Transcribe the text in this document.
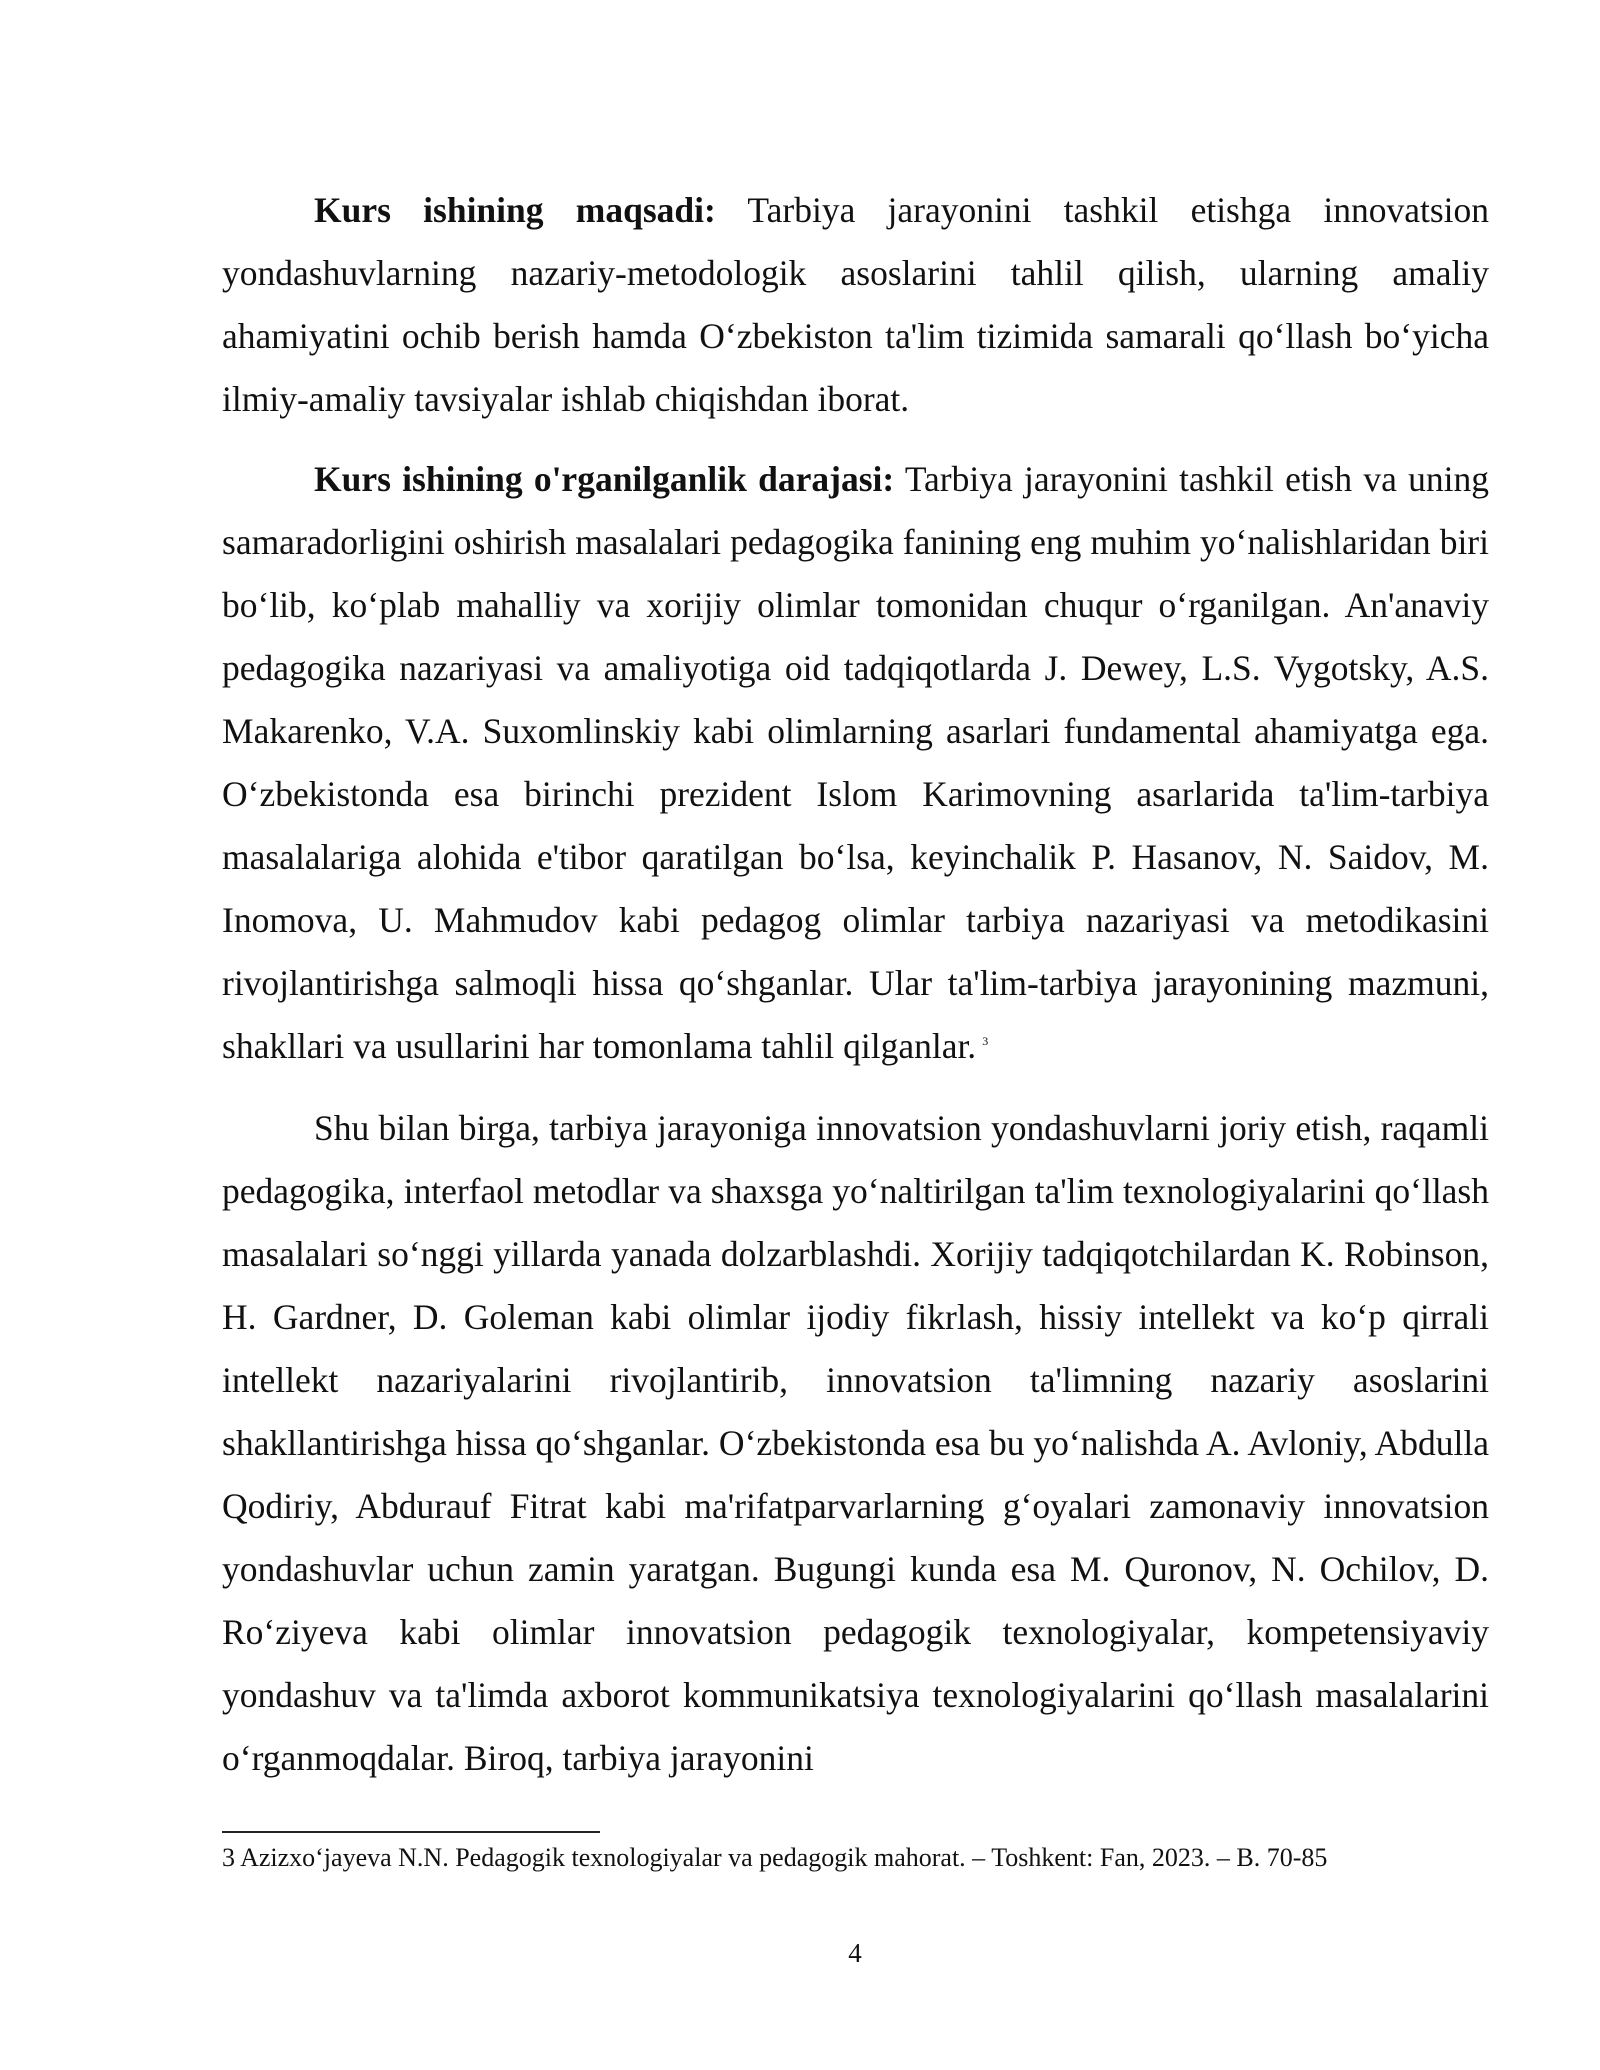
Kurs ishining maqsadi: Tarbiya jarayonini tashkil etishga innovatsion yondashuvlarning nazariy-metodologik asoslarini tahlil qilish, ularning amaliy ahamiyatini ochib berish hamda O‘zbekiston ta'lim tizimida samarali qo‘llash bo‘yicha ilmiy-amaliy tavsiyalar ishlab chiqishdan iborat.

Kurs ishining o'rganilganlik darajasi: Tarbiya jarayonini tashkil etish va uning samaradorligini oshirish masalalari pedagogika fanining eng muhim yo‘nalishlaridan biri bo‘lib, ko‘plab mahalliy va xorijiy olimlar tomonidan chuqur o‘rganilgan. An'anaviy pedagogika nazariyasi va amaliyotiga oid tadqiqotlarda J. Dewey, L.S. Vygotsky, A.S. Makarenko, V.A. Suxomlinskiy kabi olimlarning asarlari fundamental ahamiyatga ega. O‘zbekistonda esa birinchi prezident Islom Karimovning asarlarida ta'lim-tarbiya masalalariga alohida e'tibor qaratilgan bo‘lsa, keyinchalik P. Hasanov, N. Saidov, M. Inomova, U. Mahmudov kabi pedagog olimlar tarbiya nazariyasi va metodikasini rivojlantirishga salmoqli hissa qo‘shganlar. Ular ta'lim-tarbiya jarayonining mazmuni, shakllari va usullarini har tomonlama tahlil qilganlar. $^3$

Shu bilan birga, tarbiya jarayoniga innovatsion yondashuvlarni joriy etish, raqamli pedagogika, interfaol metodlar va shaxsga yo‘naltirilgan ta'lim texnologiyalarini qo‘llash masalalari so‘nggi yillarda yanada dolzarblashdi. Xorijiy tadqiqotchilardan K. Robinson, H. Gardner, D. Goleman kabi olimlar ijodiy fikrlash, hissiy intellekt va ko‘p qirrali intellekt nazariyalarini rivojlantirib, innovatsion ta'limning nazariy asoslarini shakllantirishga hissa qo‘shganlar. O‘zbekistonda esa bu yo‘nalishda A. Avloniy, Abdulla Qodiriy, Abdurauf Fitrat kabi ma'rifatparvarlarning g‘oyalari zamonaviy innovatsion yondashuvlar uchun zamin yaratgan. Bugungi kunda esa M. Quronov, N. Ochilov, D. Ro‘ziyeva kabi olimlar innovatsion pedagogik texnologiyalar, kompetensiyaviy yondashuv va ta'limda axborot kommunikatsiya texnologiyalarini qo‘llash masalalarini o‘rganmoqdalar. Biroq, tarbiya jarayonini

3 Azizxo‘jayeva N.N. Pedagogik texnologiyalar va pedagogik mahorat. – Toshkent: Fan, 2023. – B. 70-85

4
